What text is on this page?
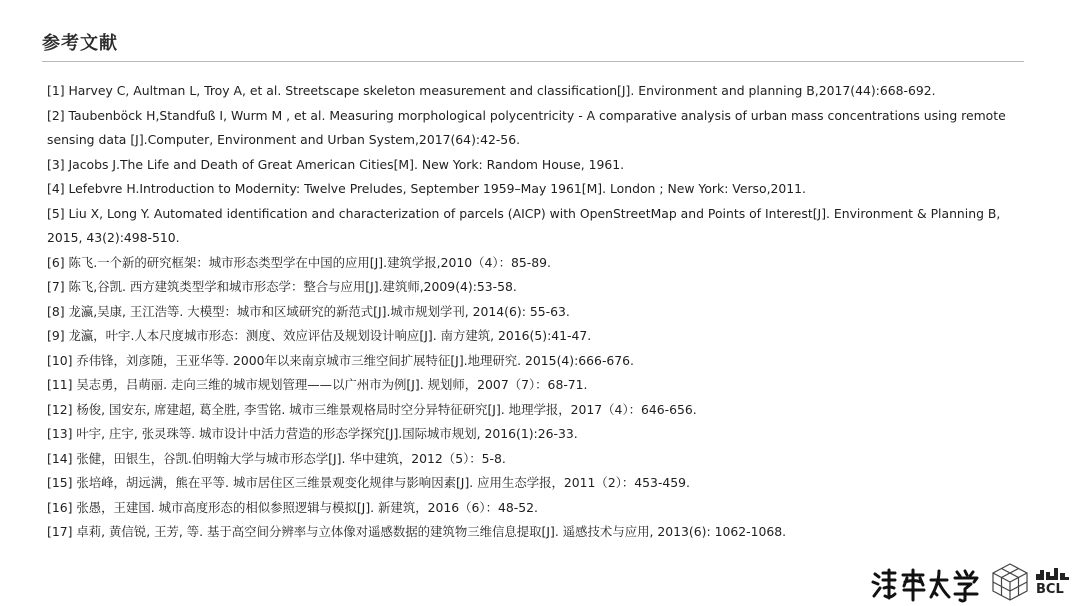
参考文献
[1] Harvey C, Aultman L, Troy A, et al. Streetscape skeleton measurement and classification[J]. Environment and planning B,2017(44):668-692.
[2] Taubenböck H,Standfuß I, Wurm M , et al. Measuring morphological polycentricity - A comparative analysis of urban mass concentrations using remote sensing data [J].Computer, Environment and Urban System,2017(64):42-56.
[3] Jacobs J.The Life and Death of Great American Cities[M]. New York: Random House, 1961.
[4] Lefebvre H.Introduction to Modernity: Twelve Preludes, September 1959–May 1961[M]. London ; New York: Verso,2011.
[5] Liu X, Long Y. Automated identification and characterization of parcels (AICP) with OpenStreetMap and Points of Interest[J]. Environment & Planning B, 2015, 43(2):498-510.
[6] 陈飞.一个新的研究框架：城市形态类型学在中国的应用[J].建筑学报,2010（4）：85-89.
[7] 陈飞,谷凯. 西方建筑类型学和城市形态学：整合与应用[J].建筑师,2009(4):53-58.
[8] 龙瀛,吴康, 王江浩等. 大模型：城市和区域研究的新范式[J].城市规划学刊, 2014(6): 55-63.
[9] 龙瀛，叶宇.人本尺度城市形态：测度、效应评估及规划设计响应[J]. 南方建筑, 2016(5):41-47.
[10] 乔伟锋，刘彦随，王亚华等. 2000年以来南京城市三维空间扩展特征[J].地理研究. 2015(4):666-676.
[11] 吴志勇，吕萌丽. 走向三维的城市规划管理——以广州市为例[J]. 规划师，2007（7）：68-71.
[12] 杨俊, 国安东, 席建超, 葛全胜, 李雪铭. 城市三维景观格局时空分异特征研究[J]. 地理学报，2017（4）：646-656.
[13] 叶宇, 庄宇, 张灵珠等. 城市设计中活力营造的形态学探究[J].国际城市规划, 2016(1):26-33.
[14] 张健，田银生，谷凯.伯明翰大学与城市形态学[J]. 华中建筑，2012（5）：5-8.
[15] 张培峰，胡远满，熊在平等. 城市居住区三维景观变化规律与影响因素[J]. 应用生态学报，2011（2）：453-459.
[16] 张愚，王建国. 城市高度形态的相似参照逻辑与模拟[J]. 新建筑，2016（6）：48-52.
[17] 卓莉, 黄信锐, 王芳, 等. 基于高空间分辨率与立体像对遥感数据的建筑物三维信息提取[J]. 遥感技术与应用, 2013(6): 1062-1068.
BCL
